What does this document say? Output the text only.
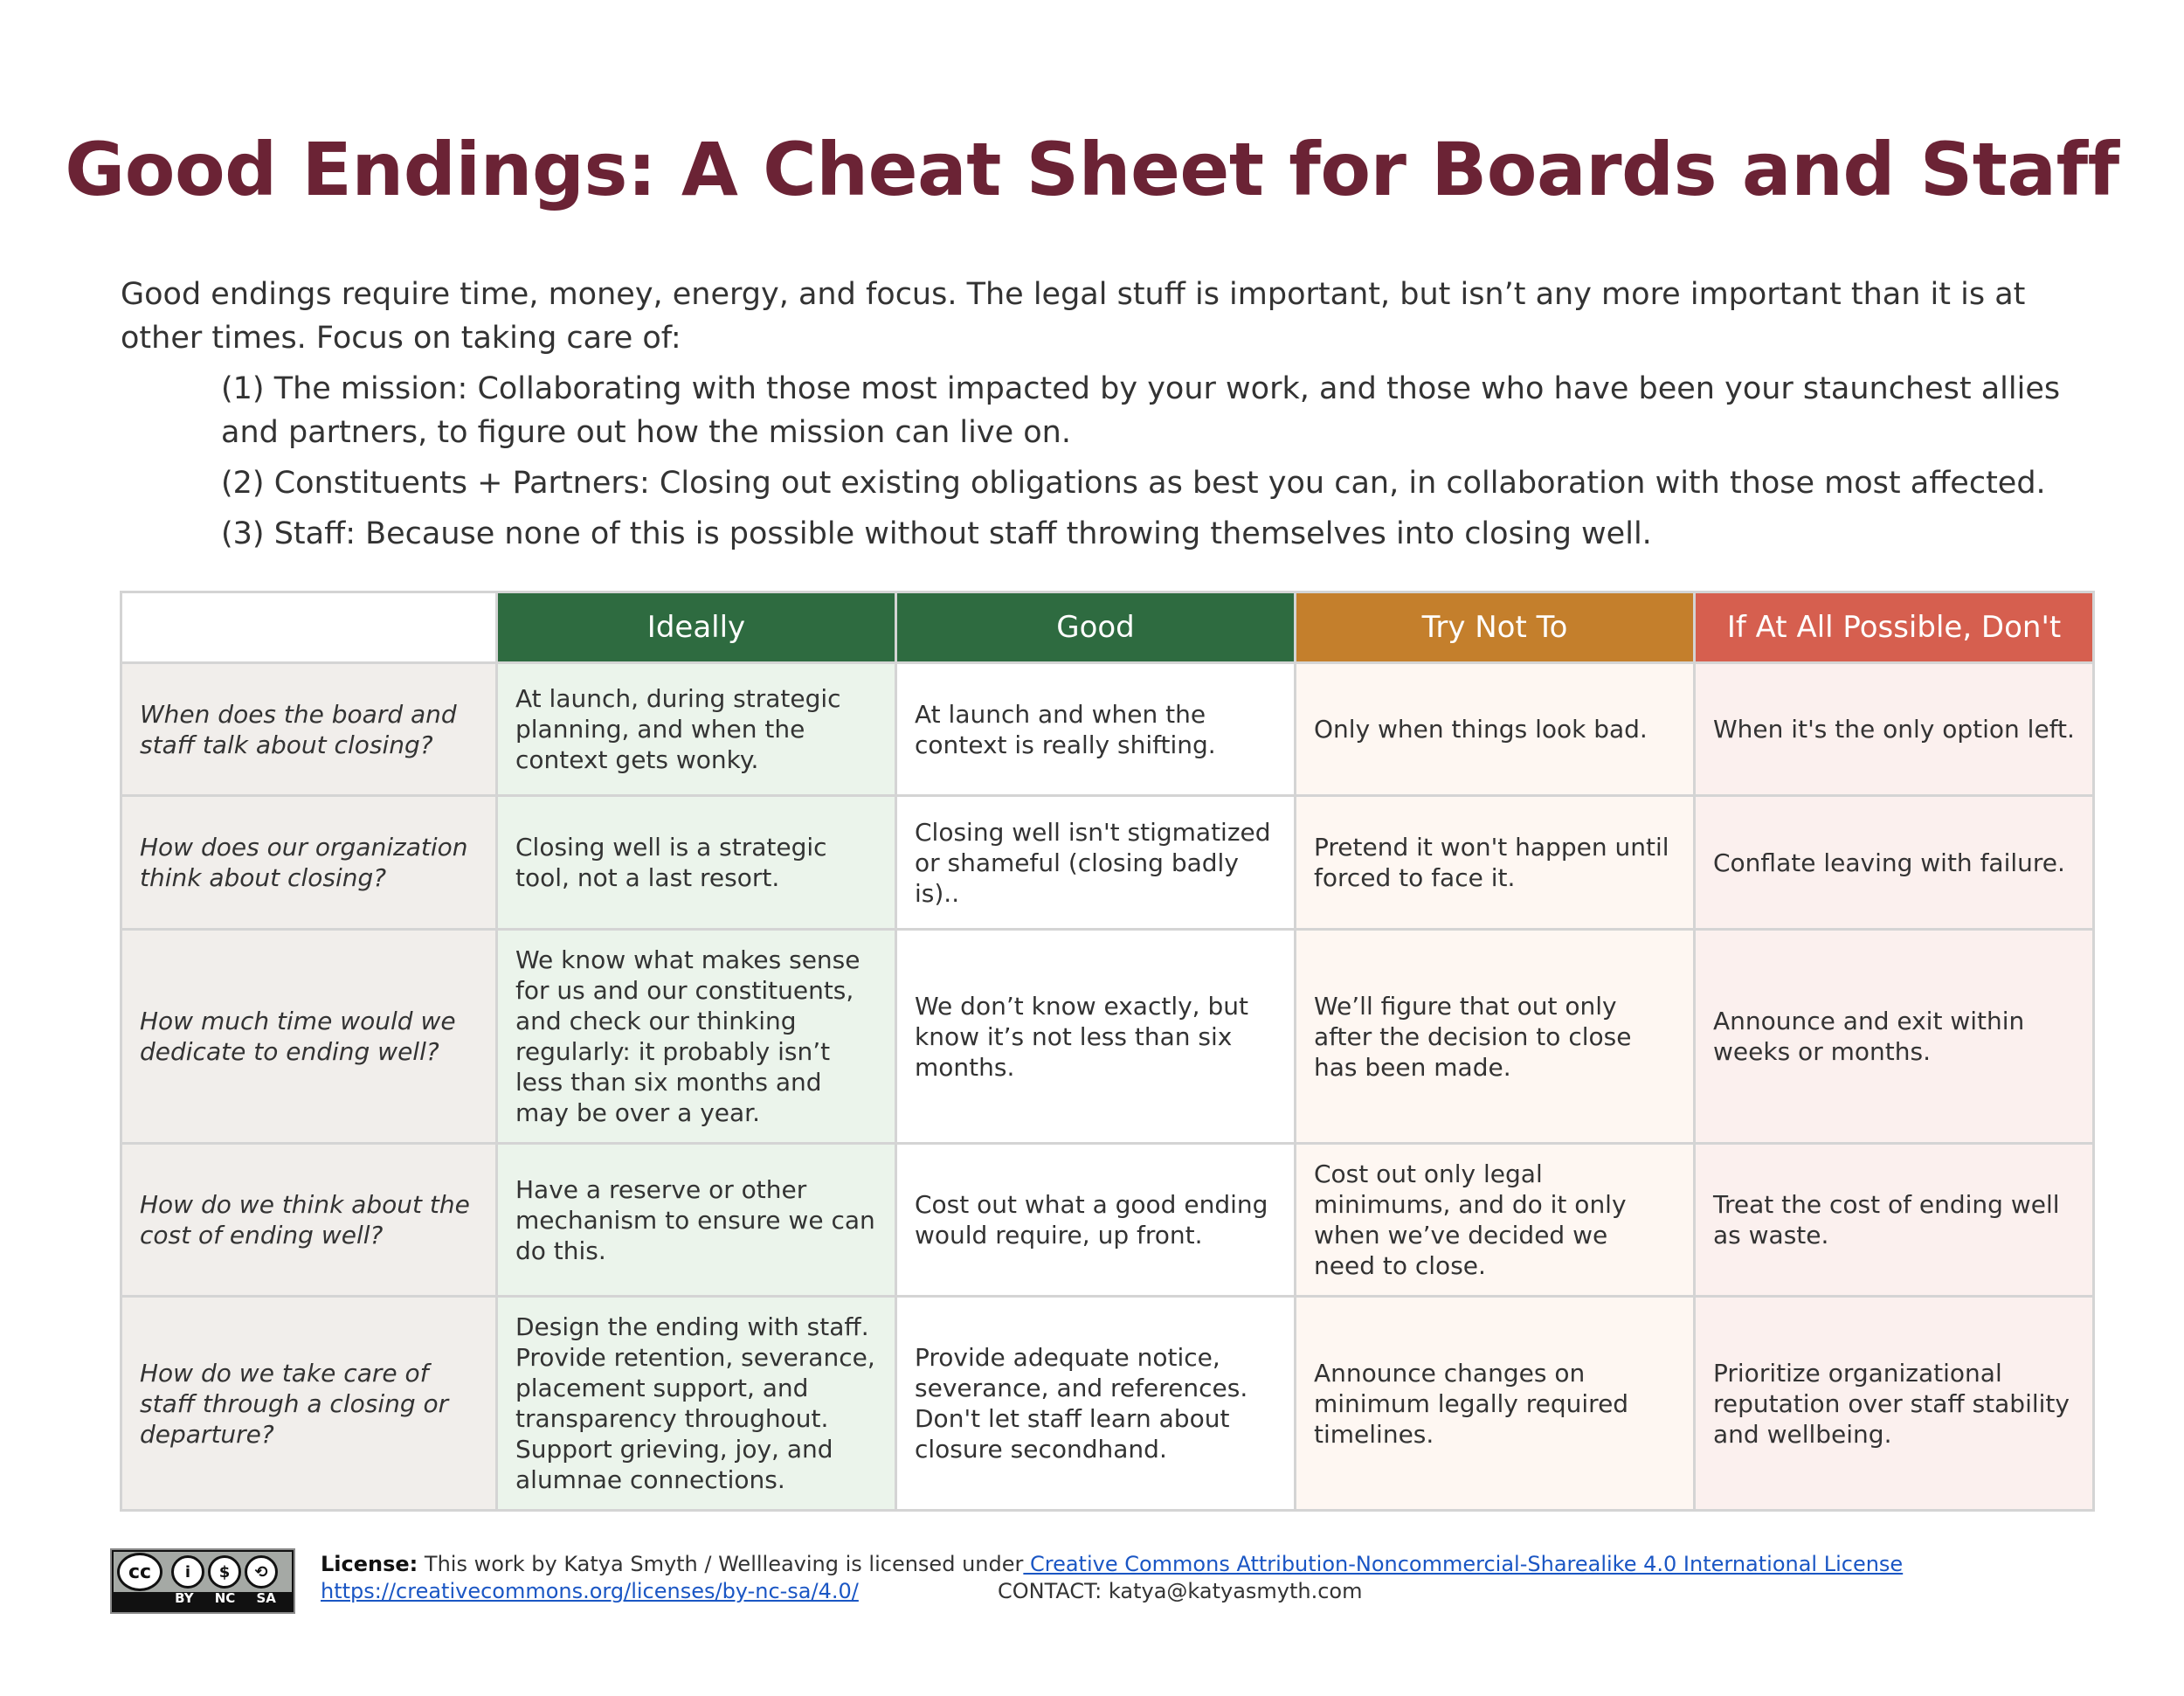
Good Endings: A Cheat Sheet for Boards and Staff

Good endings require time, money, energy, and focus. The legal stuff is important, but isn’t any more important than it is at other times. Focus on taking care of:

(1) The mission: Collaborating with those most impacted by your work, and those who have been your staunchest allies and partners, to figure out how the mission can live on.

(2) Constituents + Partners: Closing out existing obligations as best you can, in collaboration with those most affected.

(3) Staff: Because none of this is possible without staff throwing themselves into closing well.

	Ideally	Good	Try Not To	If At All Possible, Don't
When does the board and staff talk about closing?	At launch, during strategic planning, and when the context gets wonky.	At launch and when the context is really shifting.	Only when things look bad.	When it's the only option left.
How does our organization think about closing?	Closing well is a strategic tool, not a last resort.	Closing well isn't stigmatized or shameful (closing badly is)..	Pretend it won't happen until forced to face it.	Conflate leaving with failure.
How much time would we dedicate to ending well?	We know what makes sense for us and our constituents, and check our thinking regularly: it probably isn’t less than six months and may be over a year.	We don’t know exactly, but know it’s not less than six months.	We’ll figure that out only after the decision to close has been made.	Announce and exit within weeks or months.
How do we think about the cost of ending well?	Have a reserve or other mechanism to ensure we can do this.	Cost out what a good ending would require, up front.	Cost out only legal minimums, and do it only when we’ve decided we need to close.	Treat the cost of ending well as waste.
How do we take care of staff through a closing or departure?	Design the ending with staff. Provide retention, severance, placement support, and transparency throughout. Support grieving, joy, and alumnae connections.	Provide adequate notice, severance, and references. Don't let staff learn about closure secondhand.	Announce changes on minimum legally required timelines.	Prioritize organizational reputation over staff stability and wellbeing.
cc	i	$	⟲
BY NC SA
License: This work by Katya Smyth / Wellleaving is licensed under Creative Commons Attribution-Noncommercial-Sharealike 4.0 International License
https://creativecommons.org/licenses/by-nc-sa/4.0/	CONTACT: katya@katyasmyth.com
